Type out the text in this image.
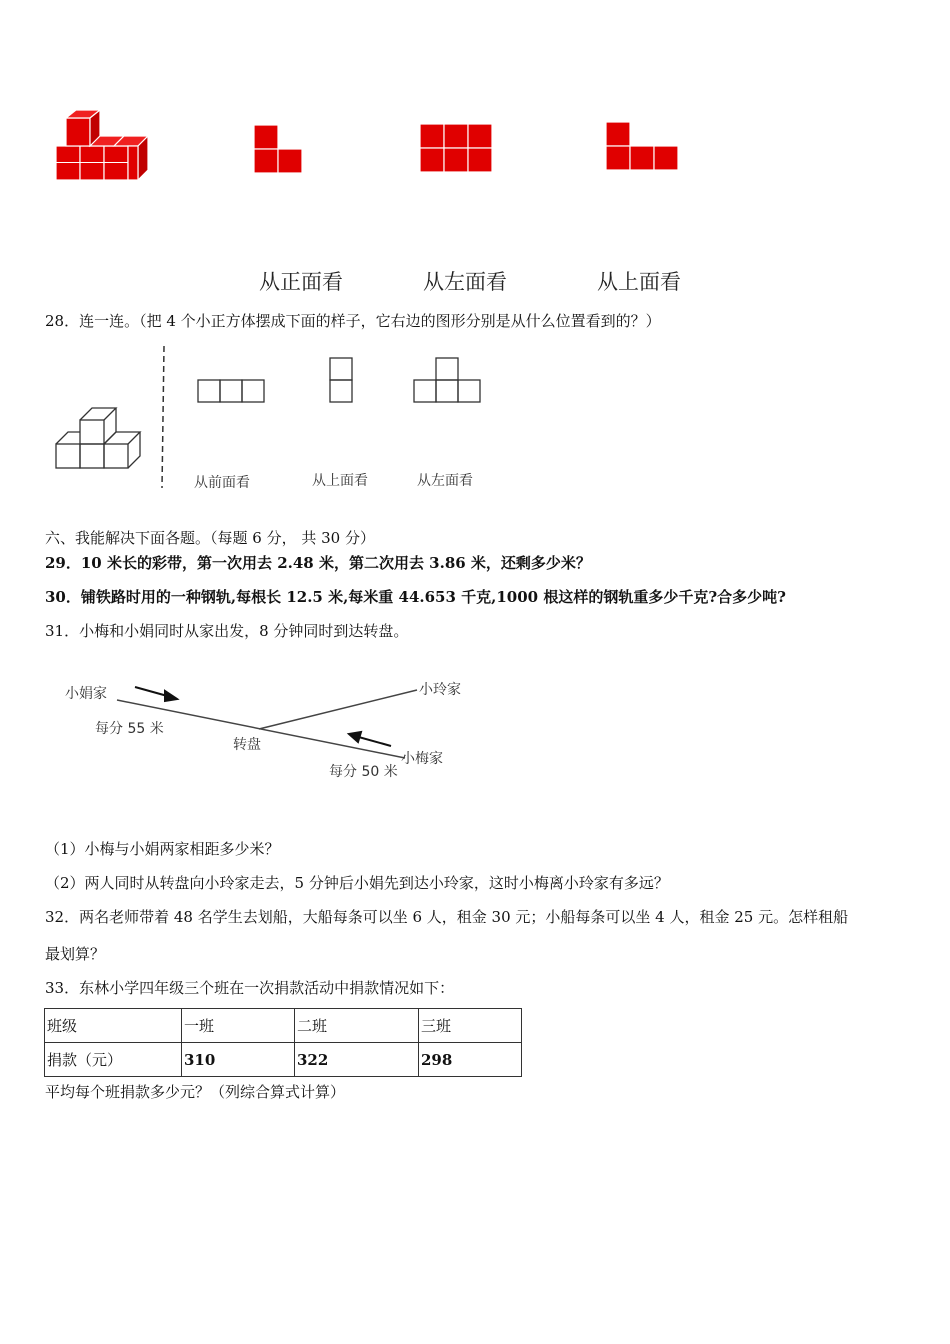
从正面看	从左面看	从上面看
28．连一连。（把 4 个小正方体摆成下面的样子，它右边的图形分别是从什么位置看到的？）
从前面看	从上面看	从左面看
六、我能解决下面各题。（每题 6 分， 共 30 分）
29．10 米长的彩带，第一次用去 2.48 米，第二次用去 3.86 米，还剩多少米？
30．铺铁路时用的一种钢轨,每根长 12.5 米,每米重 44.653 千克,1000 根这样的钢轨重多少千克?合多少吨?
31．小梅和小娟同时从家出发，8 分钟同时到达转盘。
小娟家	小玲家
小梅家
转盘
每分 55 米
每分 50 米
（1）小梅与小娟两家相距多少米？
（2）两人同时从转盘向小玲家走去，5 分钟后小娟先到达小玲家，这时小梅离小玲家有多远？
32．两名老师带着 48 名学生去划船，大船每条可以坐 6 人，租金 30 元；小船每条可以坐 4 人，租金 25 元。怎样租船
最划算？
33．东林小学四年级三个班在一次捐款活动中捐款情况如下：
班级	一班	二班	三班
捐款（元）	310	322	298
平均每个班捐款多少元？（列综合算式计算）
